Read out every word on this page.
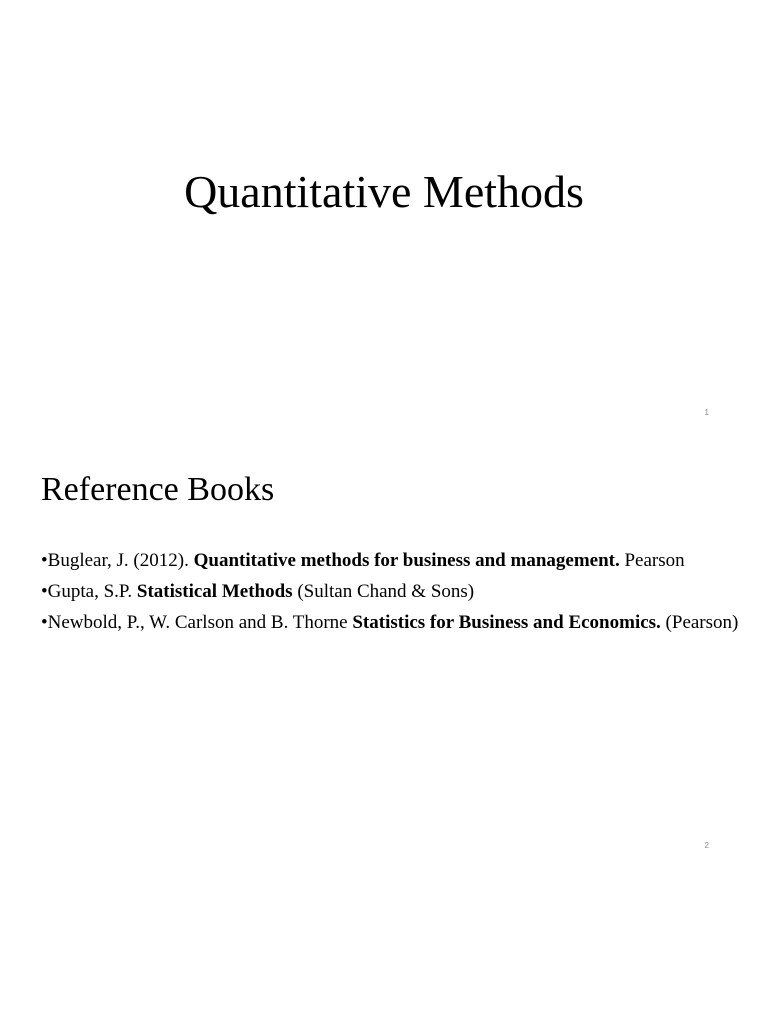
Quantitative Methods
1
Reference Books
•Buglear, J. (2012). Quantitative methods for business and management. Pearson
•Gupta, S.P. Statistical Methods (Sultan Chand & Sons)
•Newbold, P., W. Carlson and B. Thorne Statistics for Business and Economics. (Pearson)
2
